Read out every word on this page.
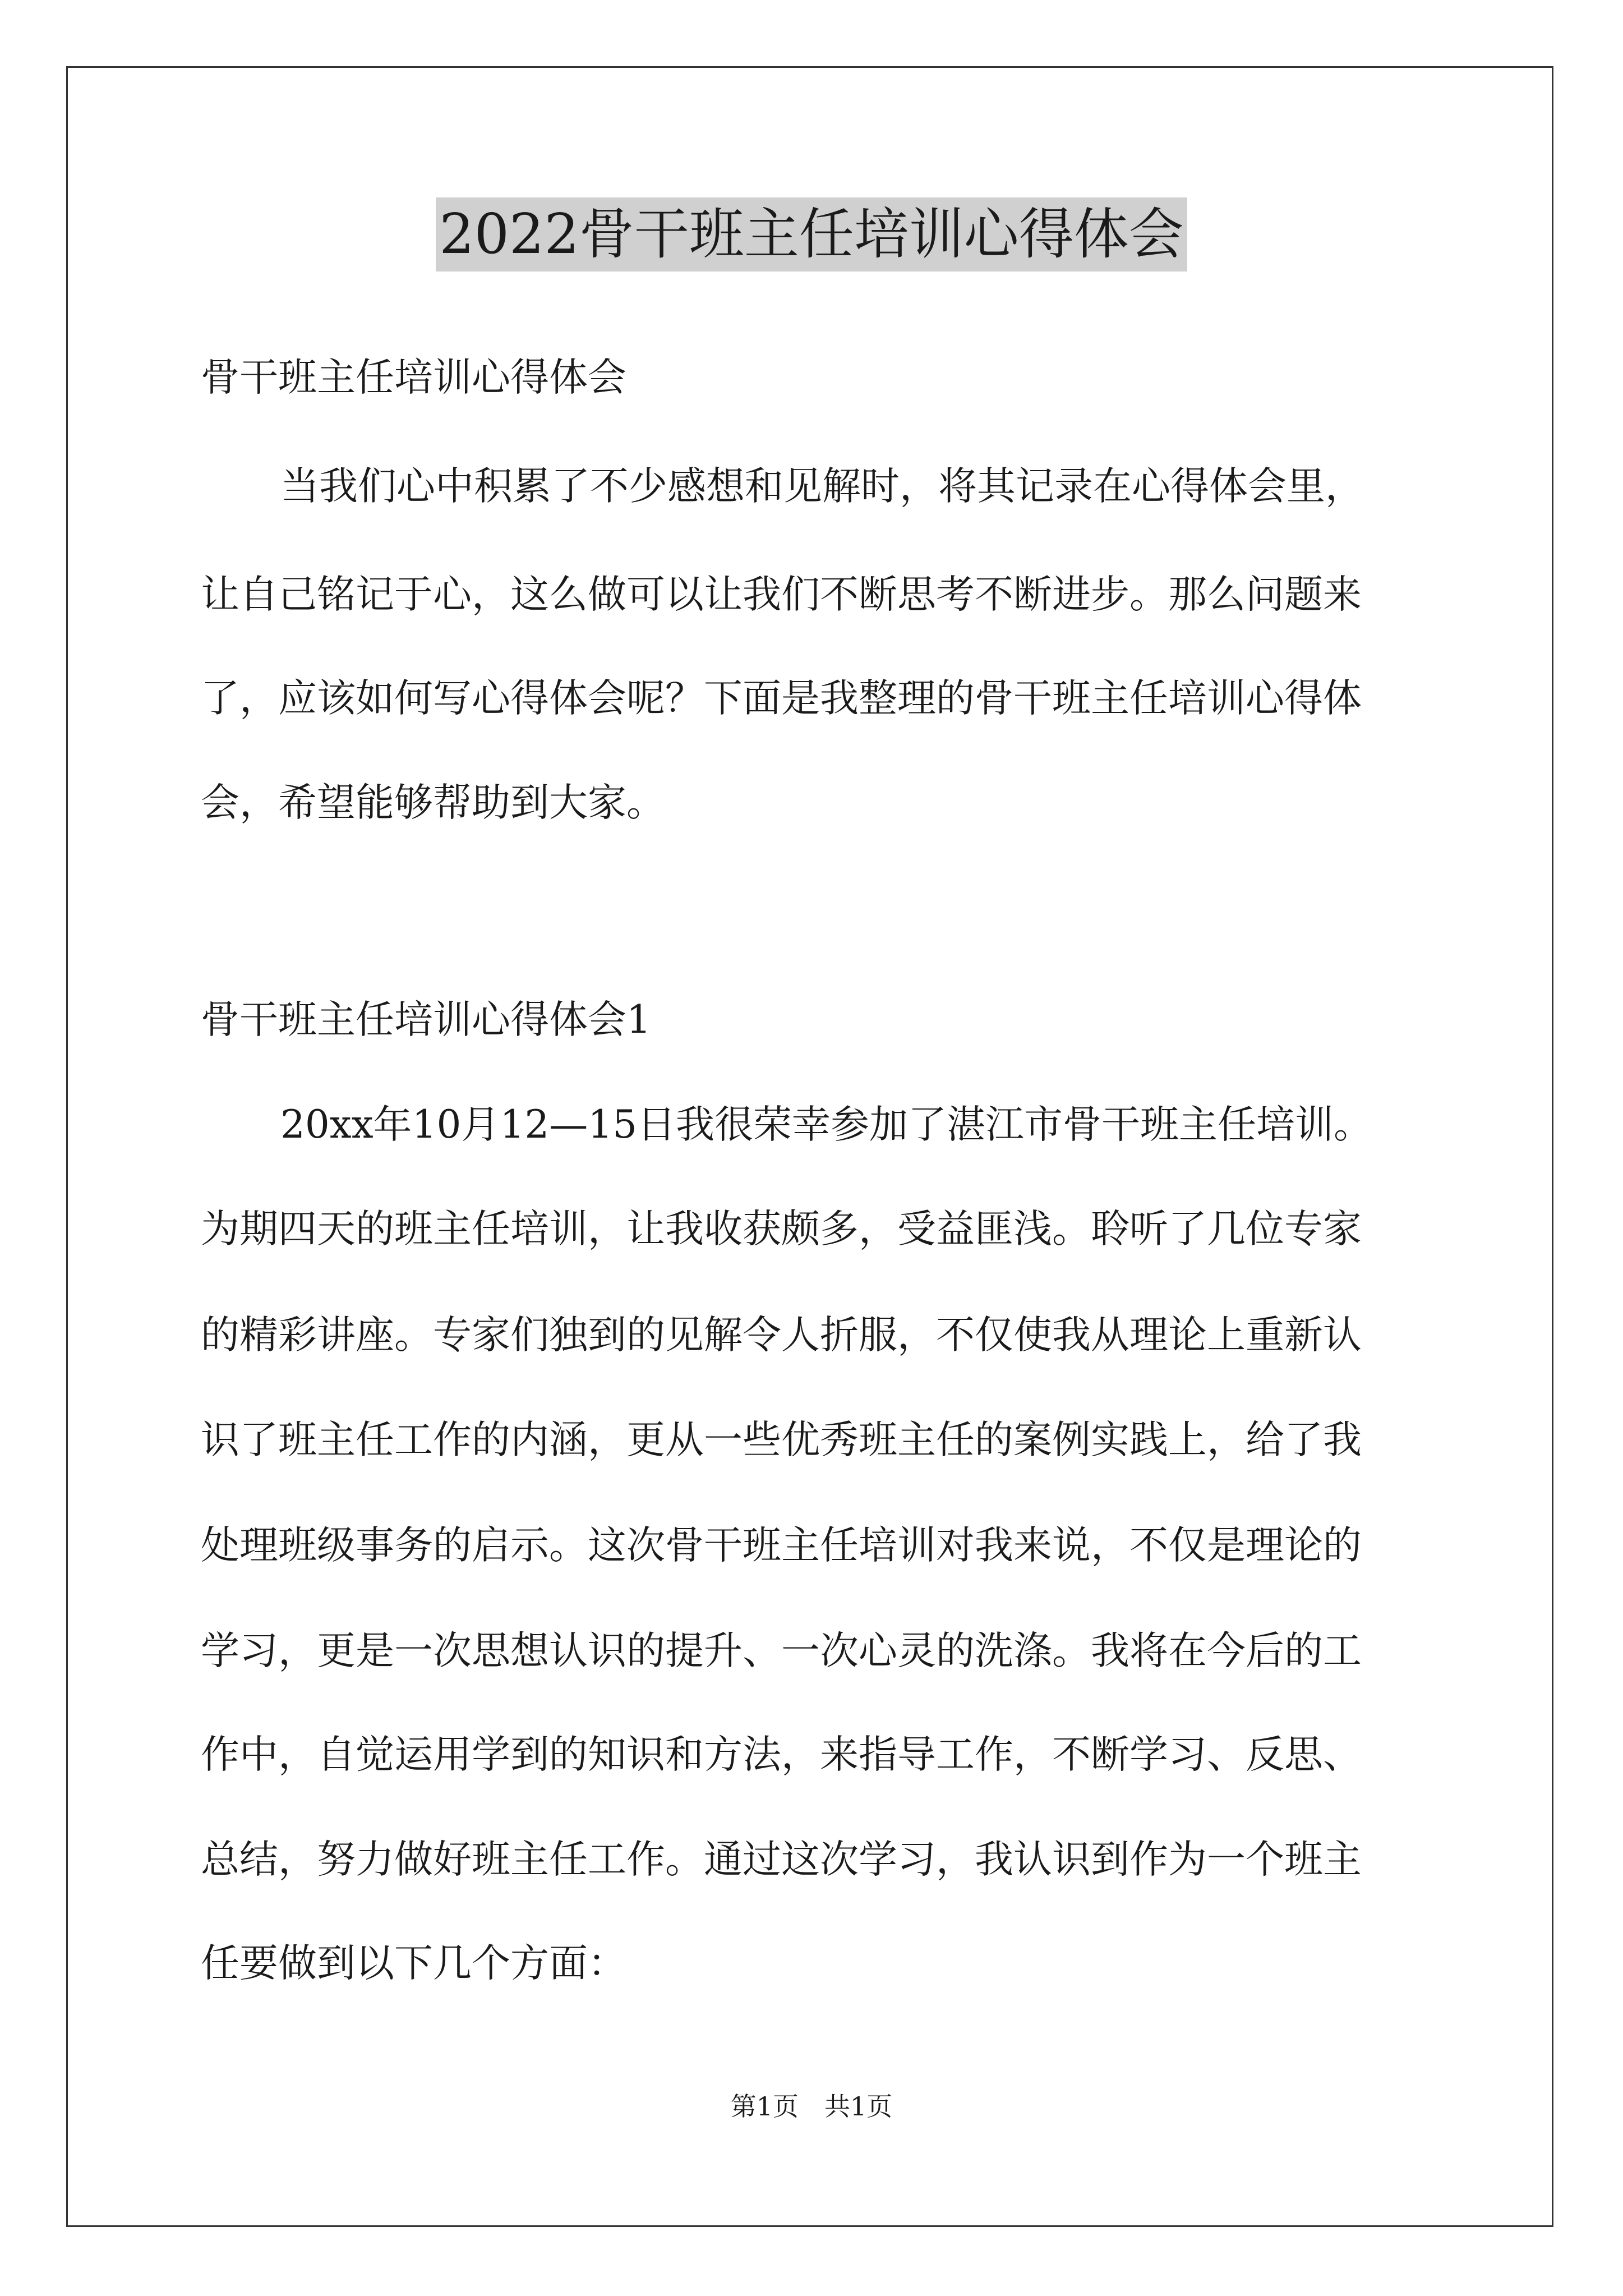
2022骨干班主任培训心得体会
骨干班主任培训心得体会
当我们心中积累了不少感想和见解时，将其记录在心得体会里，
让自己铭记于心，这么做可以让我们不断思考不断进步。那么问题来
了，应该如何写心得体会呢？下面是我整理的骨干班主任培训心得体
会，希望能够帮助到大家。
骨干班主任培训心得体会1
20xx年10月12—15日我很荣幸参加了湛江市骨干班主任培训。
为期四天的班主任培训，让我收获颇多，受益匪浅。聆听了几位专家
的精彩讲座。专家们独到的见解令人折服，不仅使我从理论上重新认
识了班主任工作的内涵，更从一些优秀班主任的案例实践上，给了我
处理班级事务的启示。这次骨干班主任培训对我来说，不仅是理论的
学习，更是一次思想认识的提升、一次心灵的洗涤。我将在今后的工
作中，自觉运用学到的知识和方法，来指导工作，不断学习、反思、
总结，努力做好班主任工作。通过这次学习，我认识到作为一个班主
任要做到以下几个方面：
第1页　共1页
